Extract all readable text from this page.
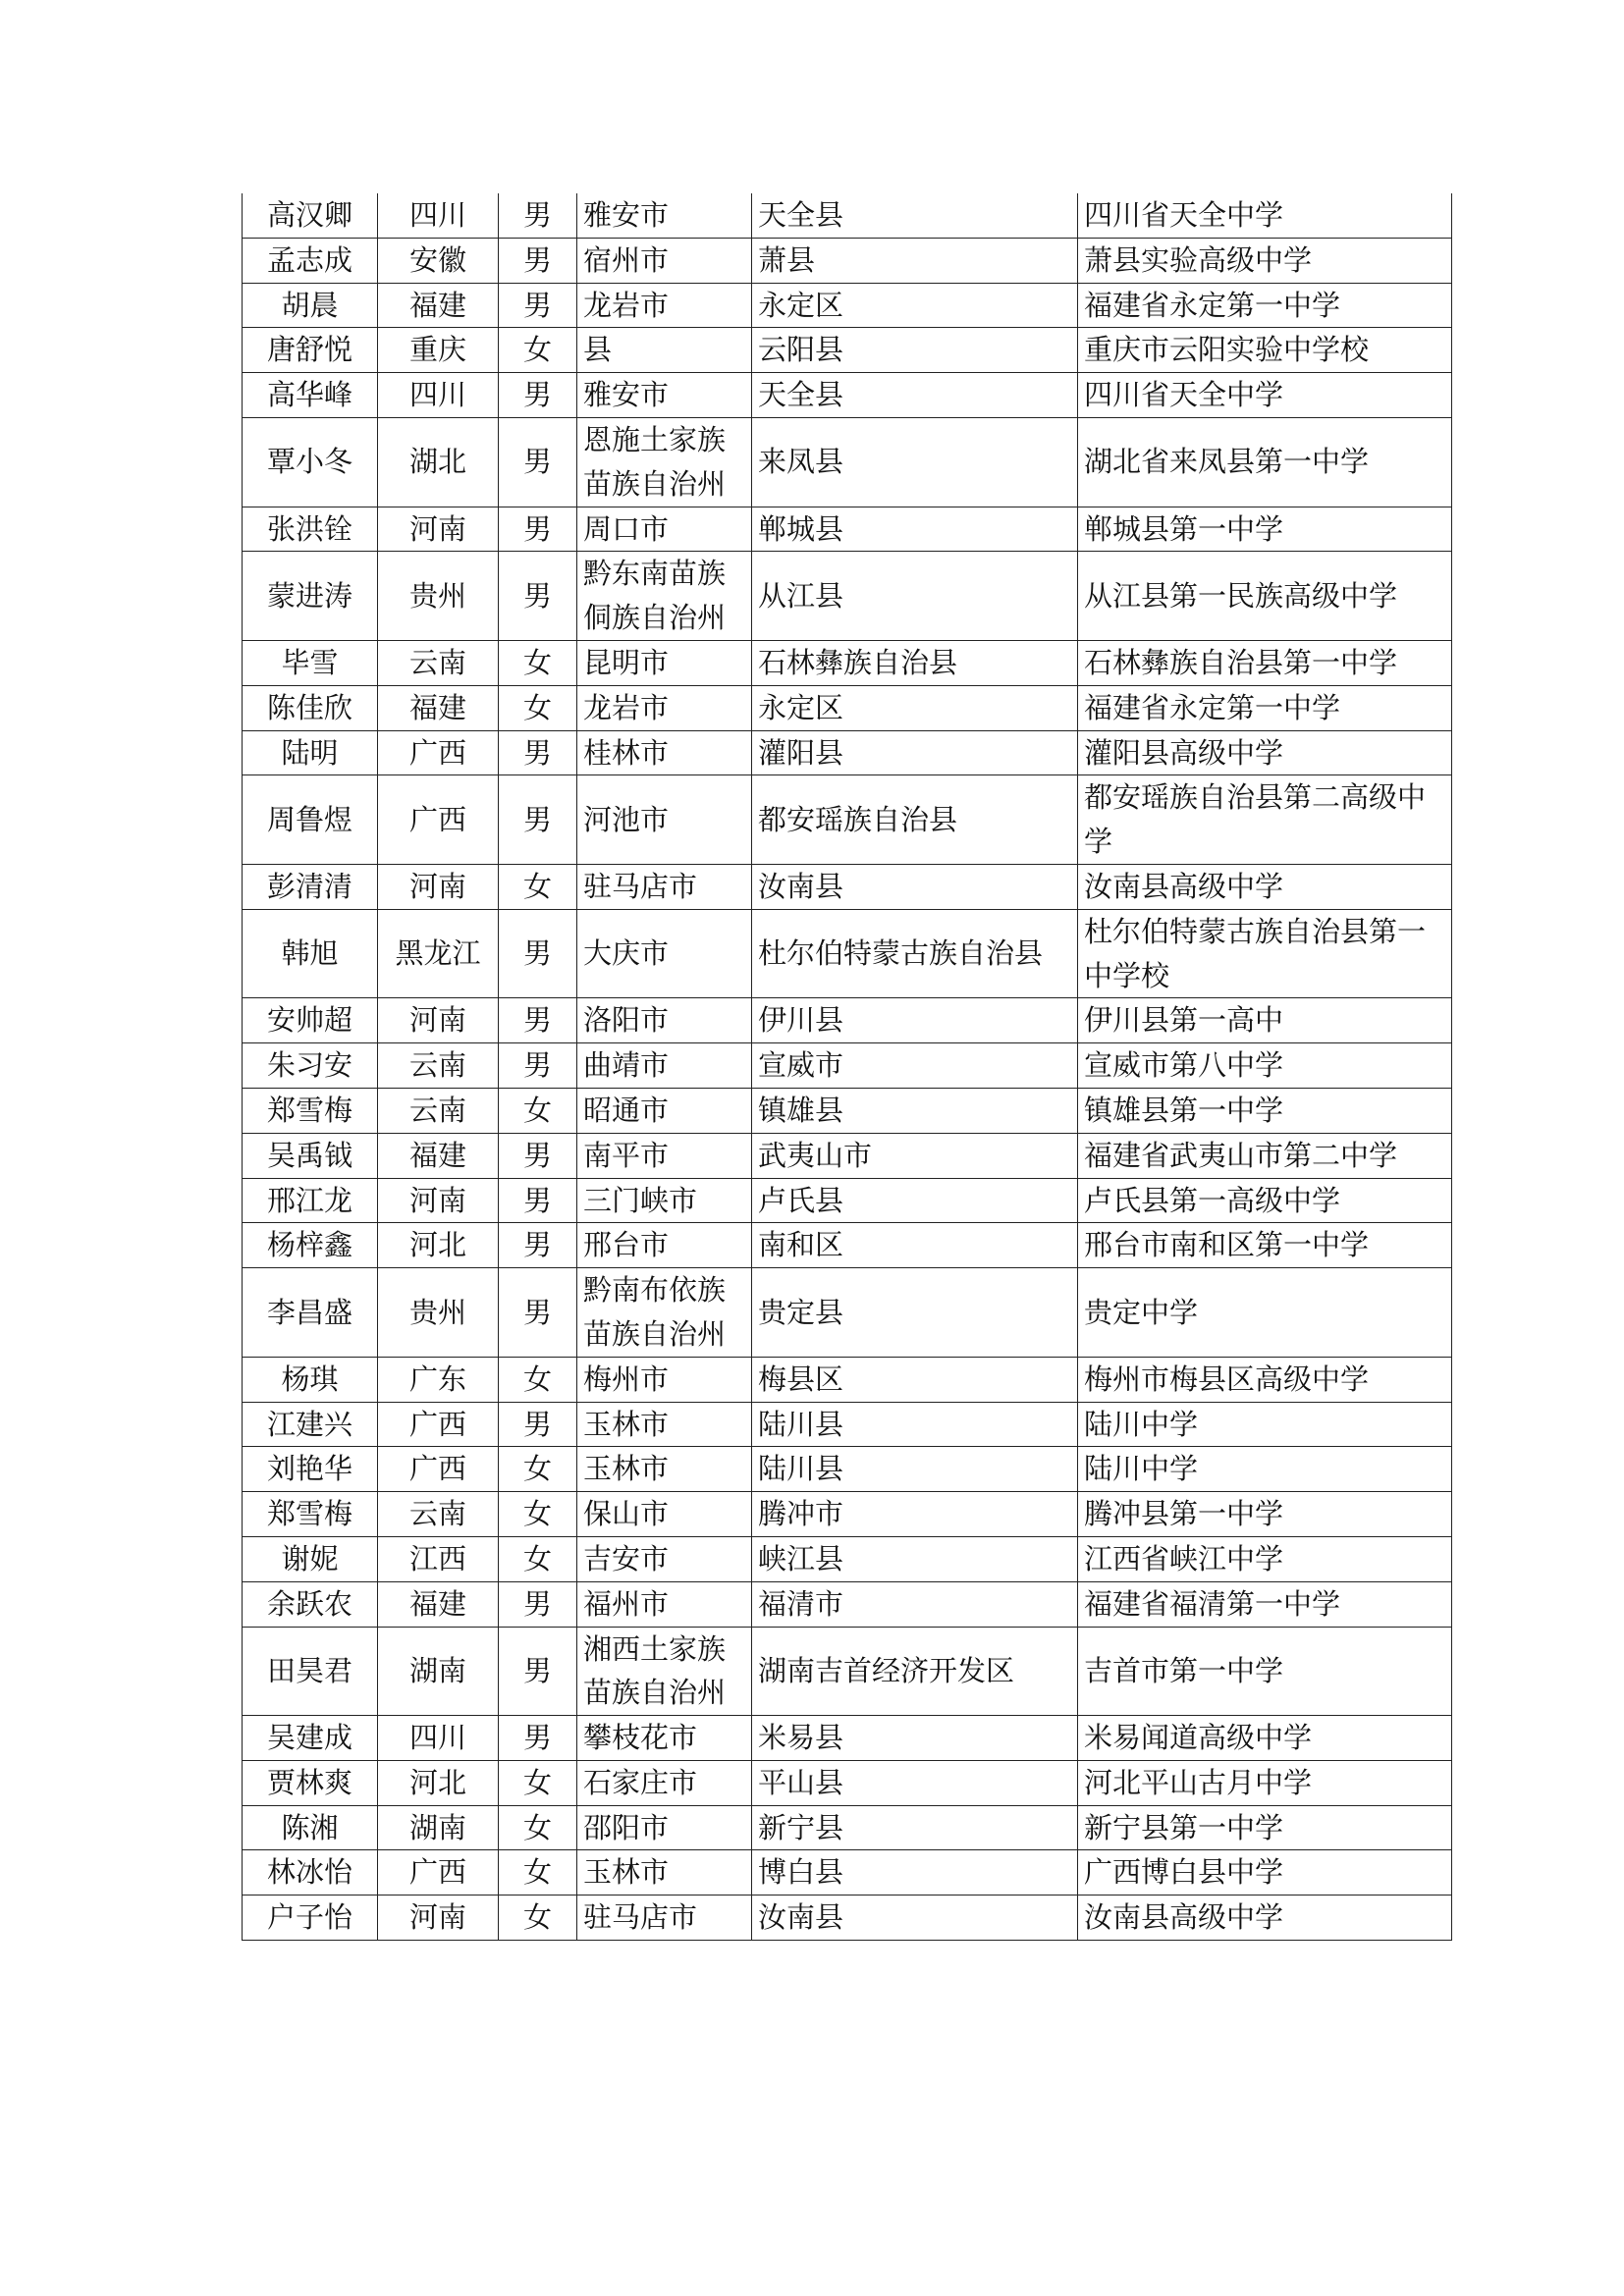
高汉卿	四川	男	雅安市	天全县	四川省天全中学
孟志成	安徽	男	宿州市	萧县	萧县实验高级中学
胡晨	福建	男	龙岩市	永定区	福建省永定第一中学
唐舒悦	重庆	女	县	云阳县	重庆市云阳实验中学校
高华峰	四川	男	雅安市	天全县	四川省天全中学
覃小冬	湖北	男	恩施土家族苗族自治州	来凤县	湖北省来凤县第一中学
张洪铨	河南	男	周口市	郸城县	郸城县第一中学
蒙进涛	贵州	男	黔东南苗族侗族自治州	从江县	从江县第一民族高级中学
毕雪	云南	女	昆明市	石林彝族自治县	石林彝族自治县第一中学
陈佳欣	福建	女	龙岩市	永定区	福建省永定第一中学
陆明	广西	男	桂林市	灌阳县	灌阳县高级中学
周鲁煜	广西	男	河池市	都安瑶族自治县	都安瑶族自治县第二高级中学
彭清清	河南	女	驻马店市	汝南县	汝南县高级中学
韩旭	黑龙江	男	大庆市	杜尔伯特蒙古族自治县	杜尔伯特蒙古族自治县第一中学校
安帅超	河南	男	洛阳市	伊川县	伊川县第一高中
朱习安	云南	男	曲靖市	宣威市	宣威市第八中学
郑雪梅	云南	女	昭通市	镇雄县	镇雄县第一中学
吴禹钺	福建	男	南平市	武夷山市	福建省武夷山市第二中学
邢江龙	河南	男	三门峡市	卢氏县	卢氏县第一高级中学
杨梓鑫	河北	男	邢台市	南和区	邢台市南和区第一中学
李昌盛	贵州	男	黔南布依族苗族自治州	贵定县	贵定中学
杨琪	广东	女	梅州市	梅县区	梅州市梅县区高级中学
江建兴	广西	男	玉林市	陆川县	陆川中学
刘艳华	广西	女	玉林市	陆川县	陆川中学
郑雪梅	云南	女	保山市	腾冲市	腾冲县第一中学
谢妮	江西	女	吉安市	峡江县	江西省峡江中学
余跃农	福建	男	福州市	福清市	福建省福清第一中学
田昊君	湖南	男	湘西土家族苗族自治州	湖南吉首经济开发区	吉首市第一中学
吴建成	四川	男	攀枝花市	米易县	米易闻道高级中学
贾林爽	河北	女	石家庄市	平山县	河北平山古月中学
陈湘	湖南	女	邵阳市	新宁县	新宁县第一中学
林冰怡	广西	女	玉林市	博白县	广西博白县中学
户子怡	河南	女	驻马店市	汝南县	汝南县高级中学
